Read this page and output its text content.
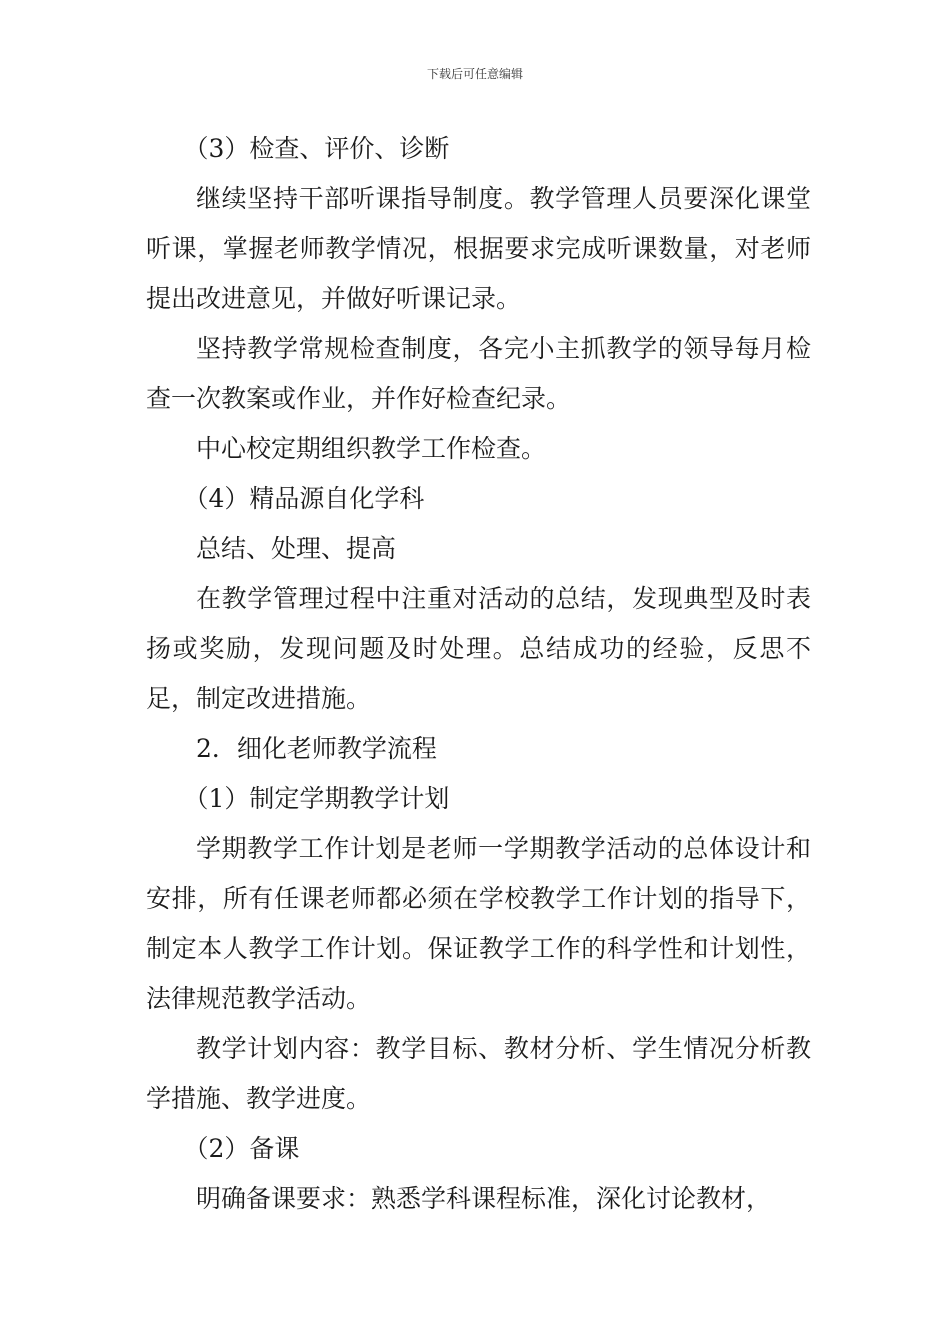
下载后可任意编辑

（3）检查、评价、诊断

继续坚持干部听课指导制度。教学管理人员要深化课堂听课，掌握老师教学情况，根据要求完成听课数量，对老师提出改进意见，并做好听课记录。

坚持教学常规检查制度，各完小主抓教学的领导每月检查一次教案或作业，并作好检查纪录。

中心校定期组织教学工作检查。

（4）精品源自化学科

总结、处理、提高

在教学管理过程中注重对活动的总结，发现典型及时表扬或奖励，发现问题及时处理。总结成功的经验，反思不足，制定改进措施。

2．细化老师教学流程

（1）制定学期教学计划

学期教学工作计划是老师一学期教学活动的总体设计和安排，所有任课老师都必须在学校教学工作计划的指导下，制定本人教学工作计划。保证教学工作的科学性和计划性，法律规范教学活动。

教学计划内容：教学目标、教材分析、学生情况分析教学措施、教学进度。

（2）备课

明确备课要求：熟悉学科课程标准，深化讨论教材，
